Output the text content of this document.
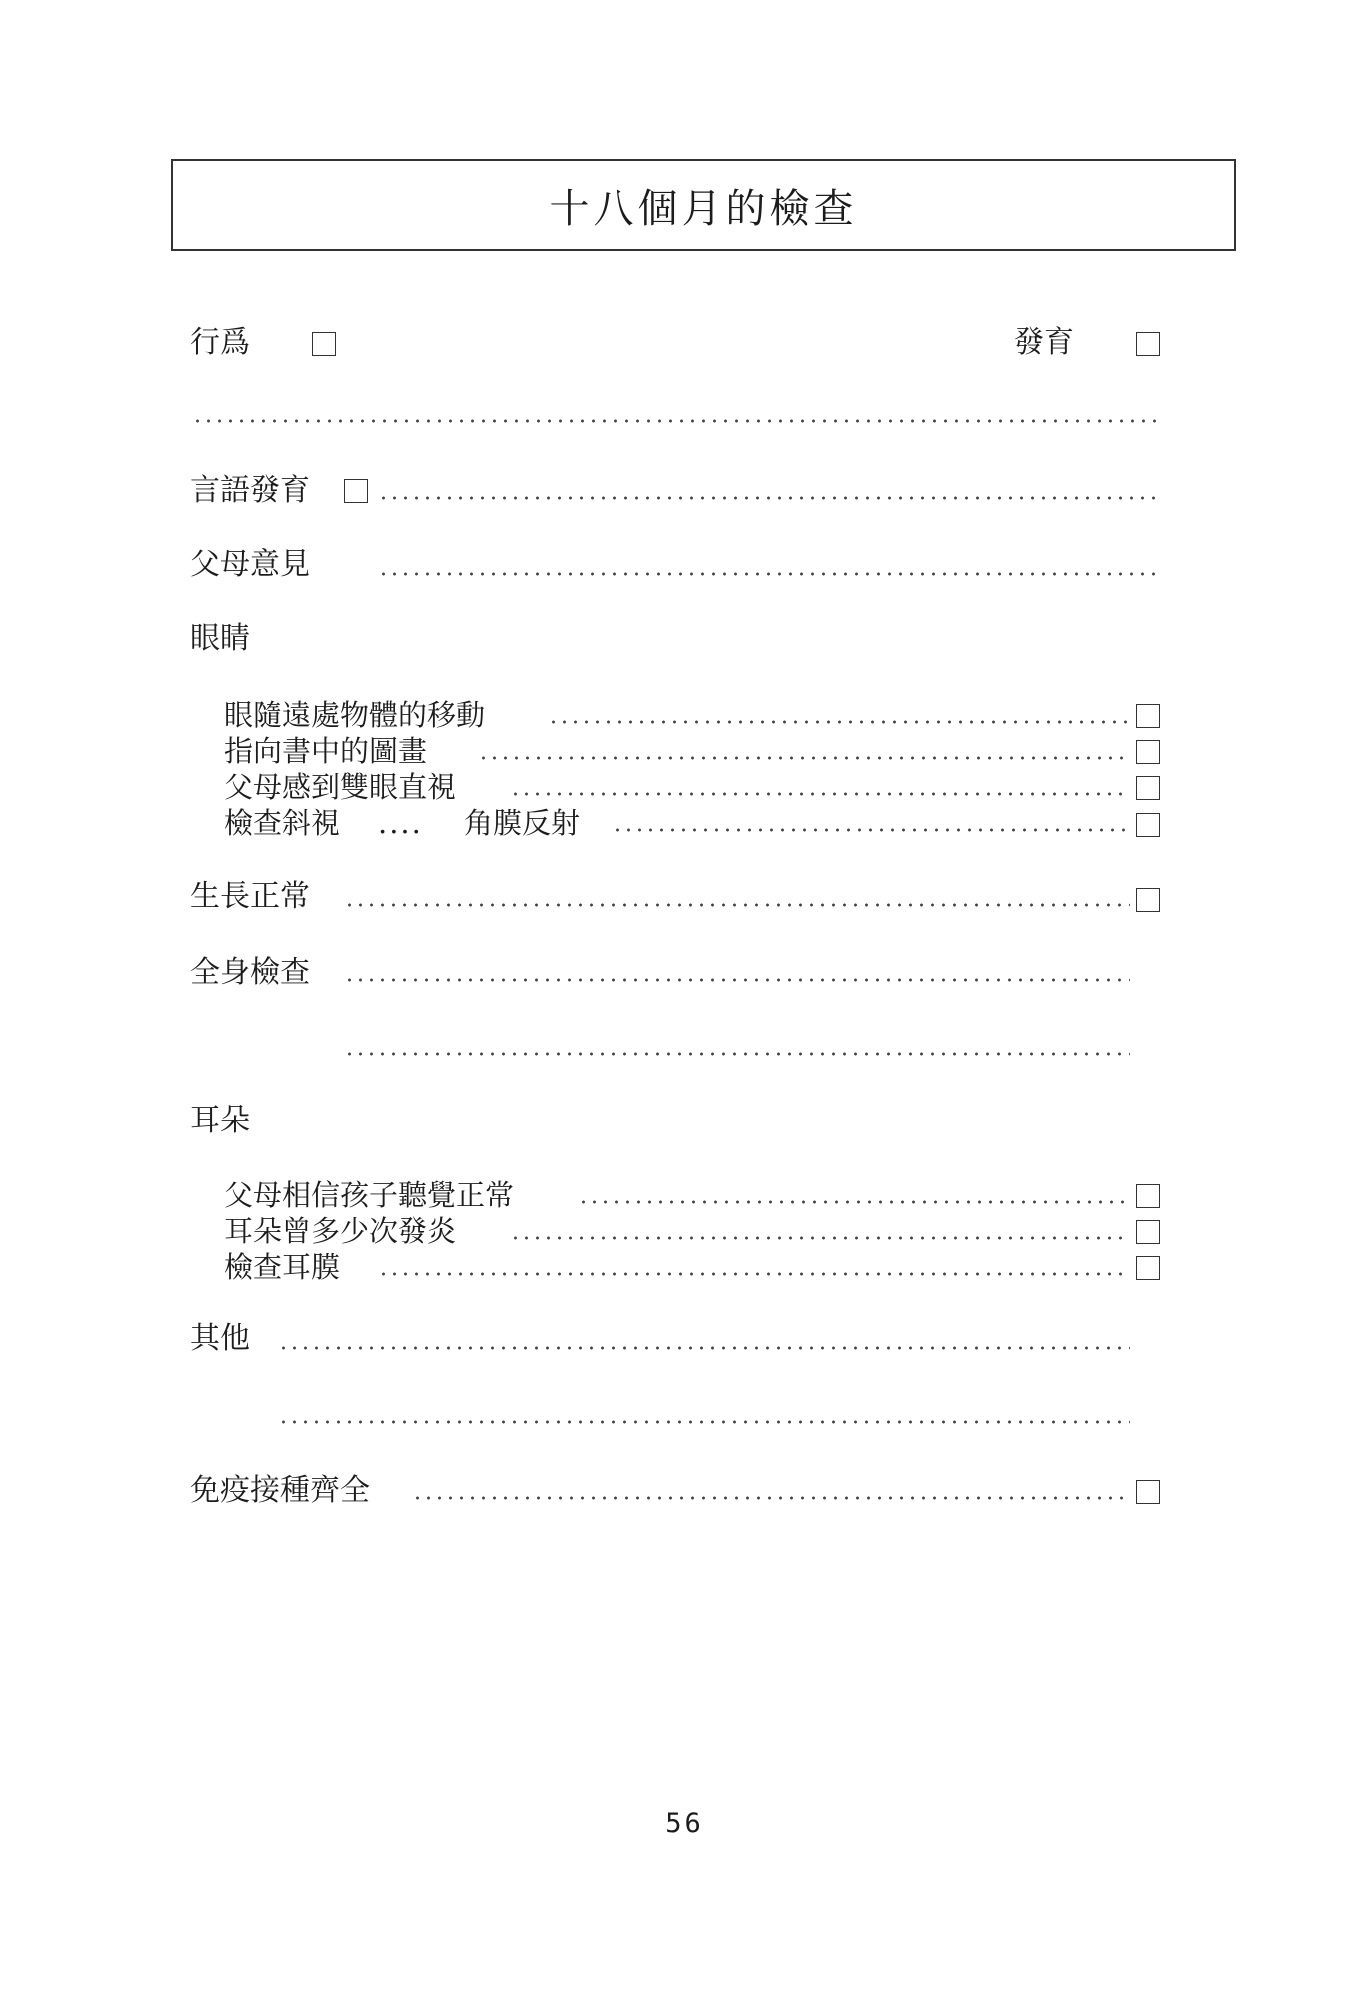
十八個月的檢查
行爲	發育
言語發育
父母意見
眼睛
眼隨遠處物體的移動
指向書中的圖畫
父母感到雙眼直視
檢查斜視 .... 角膜反射
生長正常
全身檢查
耳朵
父母相信孩子聽覺正常
耳朵曾多少次發炎
檢查耳膜
其他
免疫接種齊全
56
